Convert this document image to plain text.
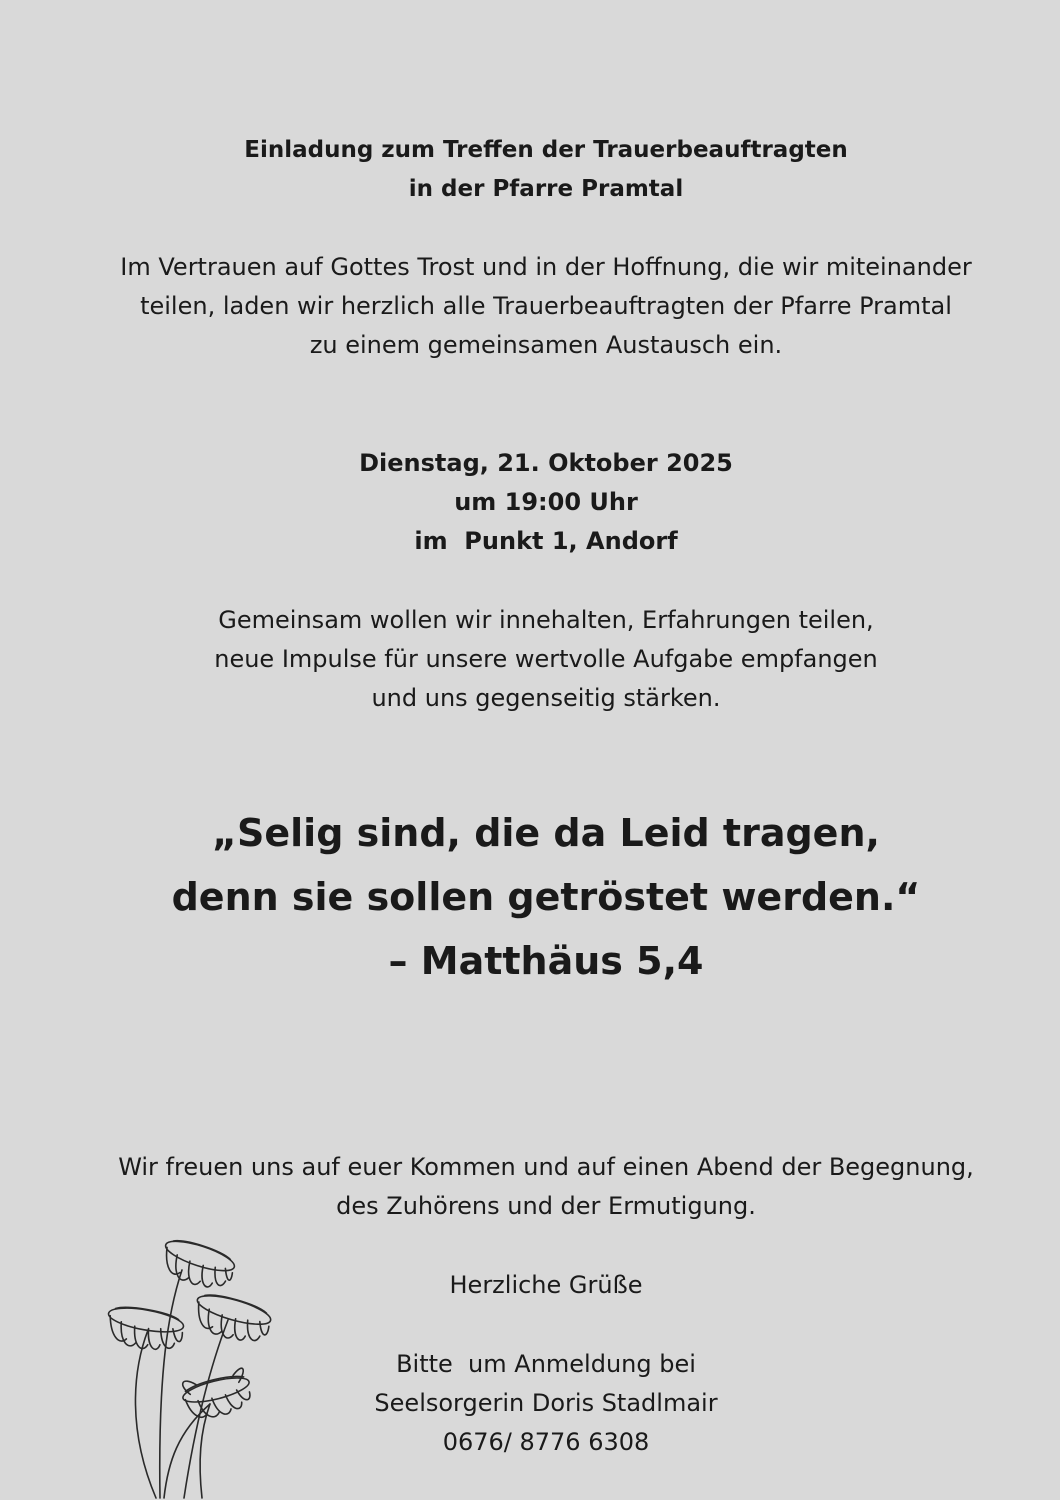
Einladung zum Treffen der Trauerbeauftragten
in der Pfarre Pramtal
Im Vertrauen auf Gottes Trost und in der Hoffnung, die wir miteinander
teilen, laden wir herzlich alle Trauerbeauftragten der Pfarre Pramtal
zu einem gemeinsamen Austausch ein.
Dienstag, 21. Oktober 2025
um 19:00 Uhr
im  Punkt 1, Andorf
Gemeinsam wollen wir innehalten, Erfahrungen teilen,
neue Impulse für unsere wertvolle Aufgabe empfangen
und uns gegenseitig stärken.
„Selig sind, die da Leid tragen,
denn sie sollen getröstet werden.“
– Matthäus 5,4
Wir freuen uns auf euer Kommen und auf einen Abend der Begegnung,
des Zuhörens und der Ermutigung.
Herzliche Grüße
Bitte  um Anmeldung bei
Seelsorgerin Doris Stadlmair
0676/ 8776 6308
